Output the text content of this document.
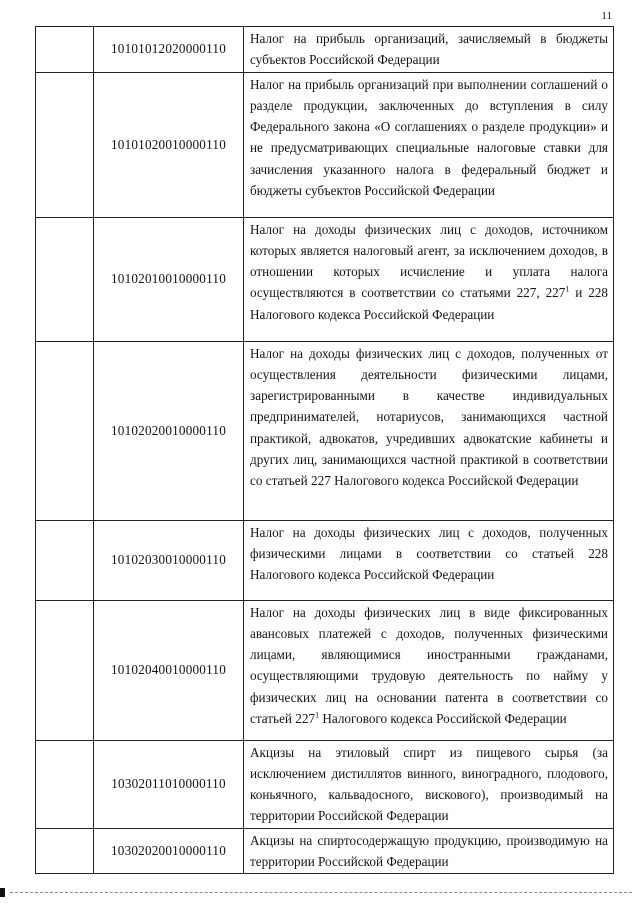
11
	10101012020000110	Налог на прибыль организаций, зачисляемый в бюджеты субъектов Российской Федерации

	10101020010000110	Налог на прибыль организаций при выполнении соглашений о разделе продукции, заключенных до вступления в силу Федерального закона «О соглашениях о разделе продукции» и не предусматривающих специальные налоговые ставки для зачисления указанного налога в федеральный бюджет и бюджеты субъектов Российской Федерации

	10102010010000110	Налог на доходы физических лиц с доходов, источником которых является налоговый агент, за исключением доходов, в отношении которых исчисление и уплата налога осуществляются в соответствии со статьями 227, $227^1$ и 228 Налогового кодекса Российской Федерации

	10102020010000110	Налог на доходы физических лиц с доходов, полученных от осуществления деятельности физическими лицами, зарегистрированными в качестве индивидуальных предпринимателей, нотариусов, занимающихся частной практикой, адвокатов, учредивших адвокатские кабинеты и других лиц, занимающихся частной практикой в соответствии со статьей 227 Налогового кодекса Российской Федерации

	10102030010000110	Налог на доходы физических лиц с доходов, полученных физическими лицами в соответствии со статьей 228 Налогового кодекса Российской Федерации

	10102040010000110	Налог на доходы физических лиц в виде фиксированных авансовых платежей с доходов, полученных физическими лицами, являющимися иностранными гражданами, осуществляющими трудовую деятельность по найму у физических лиц на основании патента в соответствии со статьей $227^1$ Налогового кодекса Российской Федерации

	10302011010000110	Акцизы на этиловый спирт из пищевого сырья (за исключением дистиллятов винного, виноградного, плодового, коньячного, кальвадосного, вискового), производимый на территории Российской Федерации

	10302020010000110	Акцизы на спиртосодержащую продукцию, производимую на территории Российской Федерации
